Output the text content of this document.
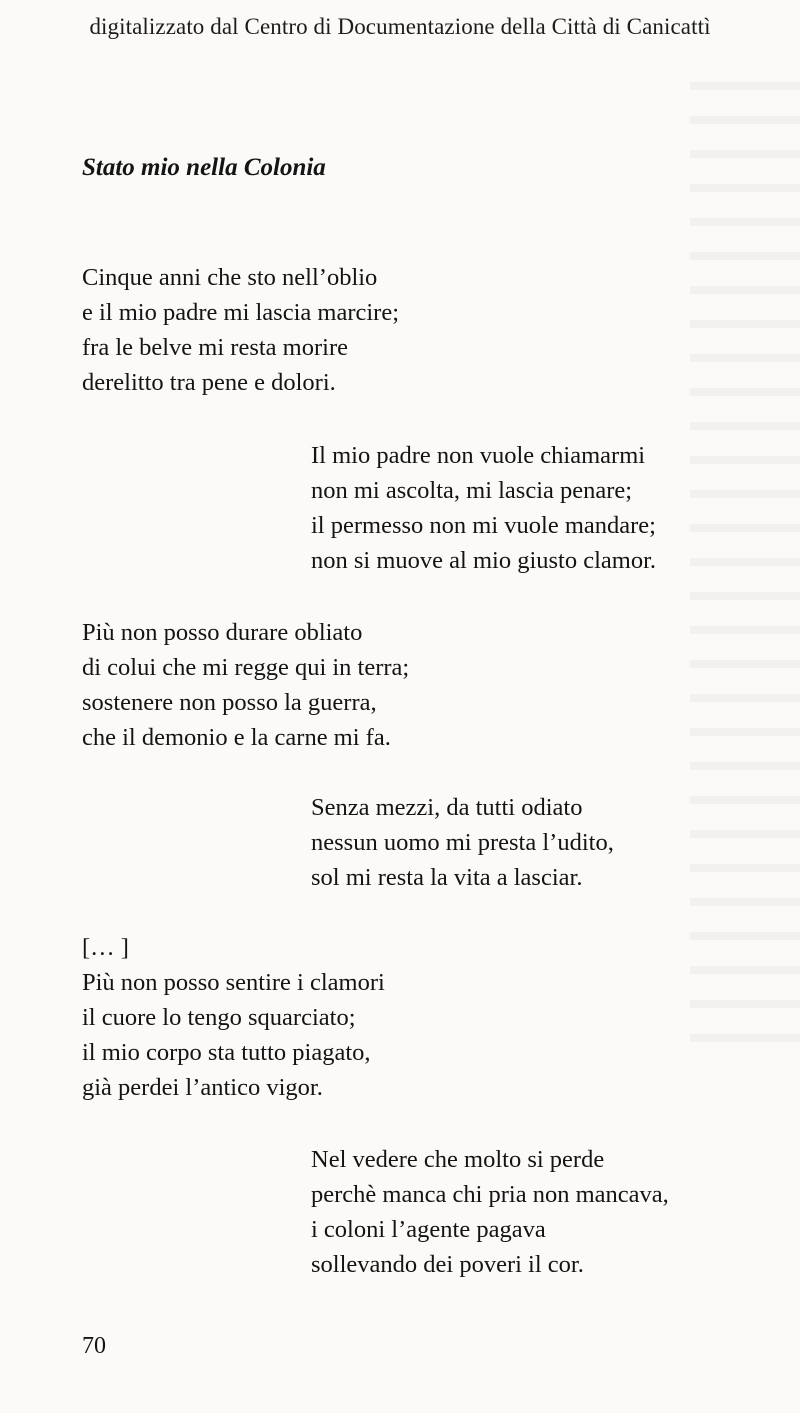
digitalizzato dal Centro di Documentazione della Città di Canicattì
Stato mio nella Colonia
Cinque anni che sto nell’oblio
e il mio padre mi lascia marcire;
fra le belve mi resta morire
derelitto tra pene e dolori.
Il mio padre non vuole chiamarmi
non mi ascolta, mi lascia penare;
il permesso non mi vuole mandare;
non si muove al mio giusto clamor.
Più non posso durare obliato
di colui che mi regge qui in terra;
sostenere non posso la guerra,
che il demonio e la carne mi fa.
Senza mezzi, da tutti odiato
nessun uomo mi presta l’udito,
sol mi resta la vita a lasciar.
[… ]
Più non posso sentire i clamori
il cuore lo tengo squarciato;
il mio corpo sta tutto piagato,
già perdei l’antico vigor.
Nel vedere che molto si perde
perchè manca chi pria non mancava,
i coloni l’agente pagava
sollevando dei poveri il cor.
70
